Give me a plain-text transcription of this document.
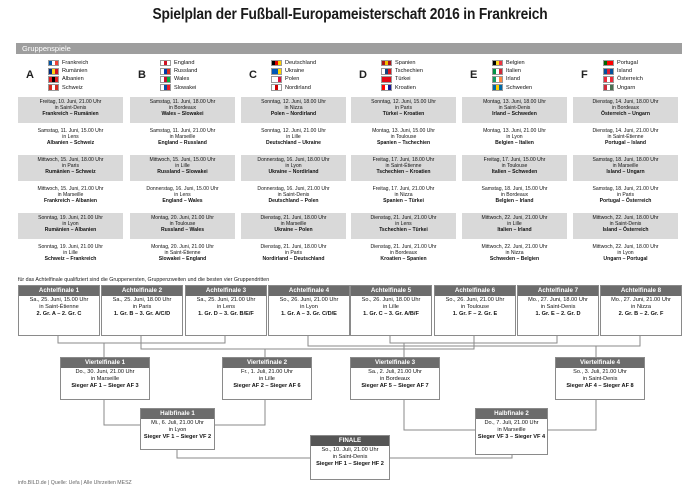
Spielplan der Fußball-Europameisterschaft 2016 in Frankreich
Gruppenspiele
A
Frankreich
Rumänien
Albanien
Schweiz
Freitag, 10. Juni, 21.00 Uhr
in Saint-Denis
Frankreich – Rumänien
Samstag, 11. Juni, 15.00 Uhr
in Lens
Albanien – Schweiz
Mittwoch, 15. Juni, 18.00 Uhr
in Paris
Rumänien – Schweiz
Mittwoch, 15. Juni, 21.00 Uhr
in Marseille
Frankreich – Albanien
Sonntag, 19. Juni, 21.00 Uhr
in Lyon
Rumänien – Albanien
Sonntag, 19. Juni, 21.00 Uhr
in Lille
Schweiz – Frankreich
B
England
Russland
Wales
Slowakei
Samstag, 11. Juni, 18.00 Uhr
in Bordeaux
Wales – Slowakei
Samstag, 11. Juni, 21.00 Uhr
in Marseille
England – Russland
Mittwoch, 15. Juni, 15.00 Uhr
in Lille
Russland – Slowakei
Donnerstag, 16. Juni, 15.00 Uhr
in Lens
England – Wales
Montag, 20. Juni, 21.00 Uhr
in Toulouse
Russland – Wales
Montag, 20. Juni, 21.00 Uhr
in Saint-Étienne
Slowakei – England
C
Deutschland
Ukraine
Polen
Nordirland
Sonntag, 12. Juni, 18.00 Uhr
in Nizza
Polen – Nordirland
Sonntag, 12. Juni, 21.00 Uhr
in Lille
Deutschland – Ukraine
Donnerstag, 16. Juni, 18.00 Uhr
in Lyon
Ukraine – Nordirland
Donnerstag, 16. Juni, 21.00 Uhr
in Saint-Denis
Deutschland – Polen
Dienstag, 21. Juni, 18.00 Uhr
in Marseille
Ukraine – Polen
Dienstag, 21. Juni, 18.00 Uhr
in Paris
Nordirland – Deutschland
D
Spanien
Tschechien
Türkei
Kroatien
Sonntag, 12. Juni, 15.00 Uhr
in Paris
Türkei – Kroatien
Montag, 13. Juni, 15.00 Uhr
in Toulouse
Spanien – Tschechien
Freitag, 17. Juni, 18.00 Uhr
in Saint-Étienne
Tschechien – Kroatien
Freitag, 17. Juni, 21.00 Uhr
in Nizza
Spanien – Türkei
Dienstag, 21. Juni, 21.00 Uhr
in Lens
Tschechien – Türkei
Dienstag, 21. Juni, 21.00 Uhr
in Bordeaux
Kroatien – Spanien
E
Belgien
Italien
Irland
Schweden
Montag, 13. Juni, 18.00 Uhr
in Saint-Denis
Irland – Schweden
Montag, 13. Juni, 21.00 Uhr
in Lyon
Belgien – Italien
Freitag, 17. Juni, 15.00 Uhr
in Toulouse
Italien – Schweden
Samstag, 18. Juni, 15.00 Uhr
in Bordeaux
Belgien – Irland
Mittwoch, 22. Juni, 21.00 Uhr
in Lille
Italien – Irland
Mittwoch, 22. Juni, 21.00 Uhr
in Nizza
Schweden – Belgien
F
Portugal
Island
Österreich
Ungarn
Dienstag, 14. Juni, 18.00 Uhr
in Bordeaux
Österreich – Ungarn
Dienstag, 14. Juni, 21.00 Uhr
in Saint-Étienne
Portugal – Island
Samstag, 18. Juni, 18.00 Uhr
in Marseille
Island – Ungarn
Samstag, 18. Juni, 21.00 Uhr
in Paris
Portugal – Österreich
Mittwoch, 22. Juni, 18.00 Uhr
in Saint-Denis
Island – Österreich
Mittwoch, 22. Juni, 18.00 Uhr
in Lyon
Ungarn – Portugal
für das Achtelfinale qualifiziert sind die Gruppenersten, Gruppenzweiten und die besten vier Gruppendritten
Achtelfinale 1
Sa., 25. Juni, 15.00 Uhr
in Saint-Étienne
2. Gr. A – 2. Gr. C
Achtelfinale 2
Sa., 25. Juni, 18.00 Uhr
in Paris
1. Gr. B – 3. Gr. A/C/D
Achtelfinale 3
Sa., 25. Juni, 21.00 Uhr
in Lens
1. Gr. D – 3. Gr. B/E/F
Achtelfinale 4
So., 26. Juni, 21.00 Uhr
in Lyon
1. Gr. A – 3. Gr. C/D/E
Achtelfinale 5
So., 26. Juni, 18.00 Uhr
in Lille
1. Gr. C – 3. Gr. A/B/F
Achtelfinale 6
So., 26. Juni, 21.00 Uhr
in Toulouse
1. Gr. F – 2. Gr. E
Achtelfinale 7
Mo., 27. Juni, 18.00 Uhr
in Saint-Denis
1. Gr. E – 2. Gr. D
Achtelfinale 8
Mo., 27. Juni, 21.00 Uhr
in Nizza
2. Gr. B – 2. Gr. F
Viertelfinale 1
Do., 30. Juni, 21.00 Uhr
in Marseille
Sieger AF 1 – Sieger AF 3
Viertelfinale 2
Fr., 1. Juli, 21.00 Uhr
in Lille
Sieger AF 2 – Sieger AF 6
Viertelfinale 3
Sa., 2. Juli, 21.00 Uhr
in Bordeaux
Sieger AF 5 – Sieger AF 7
Viertelfinale 4
So., 3. Juli, 21.00 Uhr
in Saint-Denis
Sieger AF 4 – Sieger AF 8
Halbfinale 1
Mi., 6. Juli, 21.00 Uhr
in Lyon
Sieger VF 1 – Sieger VF 2
Halbfinale 2
Do., 7. Juli, 21.00 Uhr
in Marseille
Sieger VF 3 – Sieger VF 4
FINALE
So., 10. Juli, 21.00 Uhr
in Saint-Denis
Sieger HF 1 – Sieger HF 2
info.BILD.de | Quelle: Uefa | Alle Uhrzeiten MESZ
